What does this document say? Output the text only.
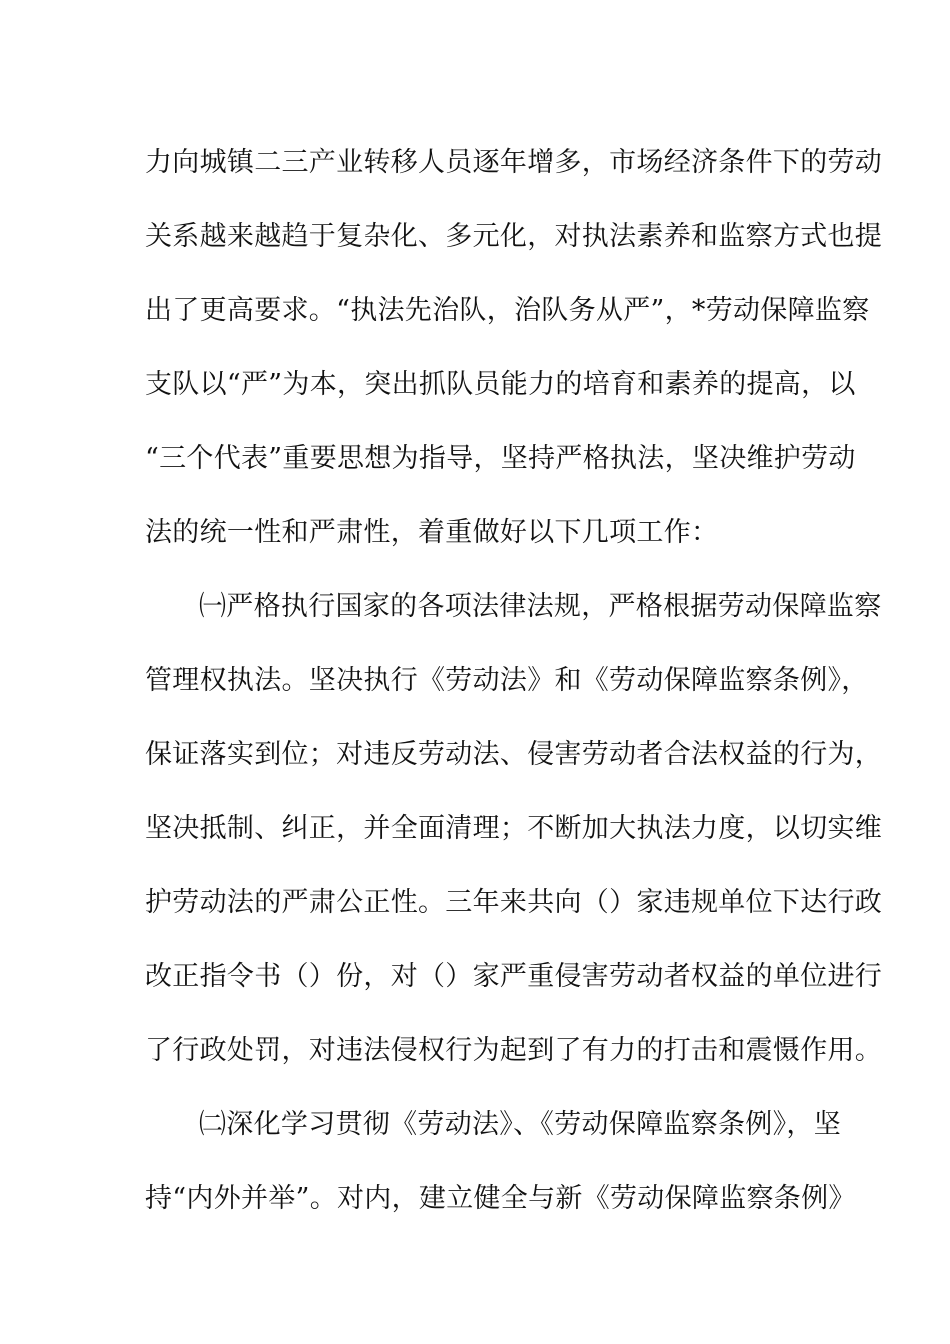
力向城镇二三产业转移人员逐年增多，市场经济条件下的劳动
关系越来越趋于复杂化、多元化，对执法素养和监察方式也提
出了更高要求。“执法先治队，治队务从严”，*劳动保障监察
支队以“严”为本，突出抓队员能力的培育和素养的提高，以
“三个代表”重要思想为指导，坚持严格执法，坚决维护劳动
法的统一性和严肃性，着重做好以下几项工作：
㈠严格执行国家的各项法律法规，严格根据劳动保障监察
管理权执法。坚决执行《劳动法》和《劳动保障监察条例》，
保证落实到位；对违反劳动法、侵害劳动者合法权益的行为，
坚决抵制、纠正，并全面清理；不断加大执法力度，以切实维
护劳动法的严肃公正性。三年来共向（）家违规单位下达行政
改正指令书（）份，对（）家严重侵害劳动者权益的单位进行
了行政处罚，对违法侵权行为起到了有力的打击和震慑作用。
㈡深化学习贯彻《劳动法》、《劳动保障监察条例》，坚
持“内外并举”。对内，建立健全与新《劳动保障监察条例》
